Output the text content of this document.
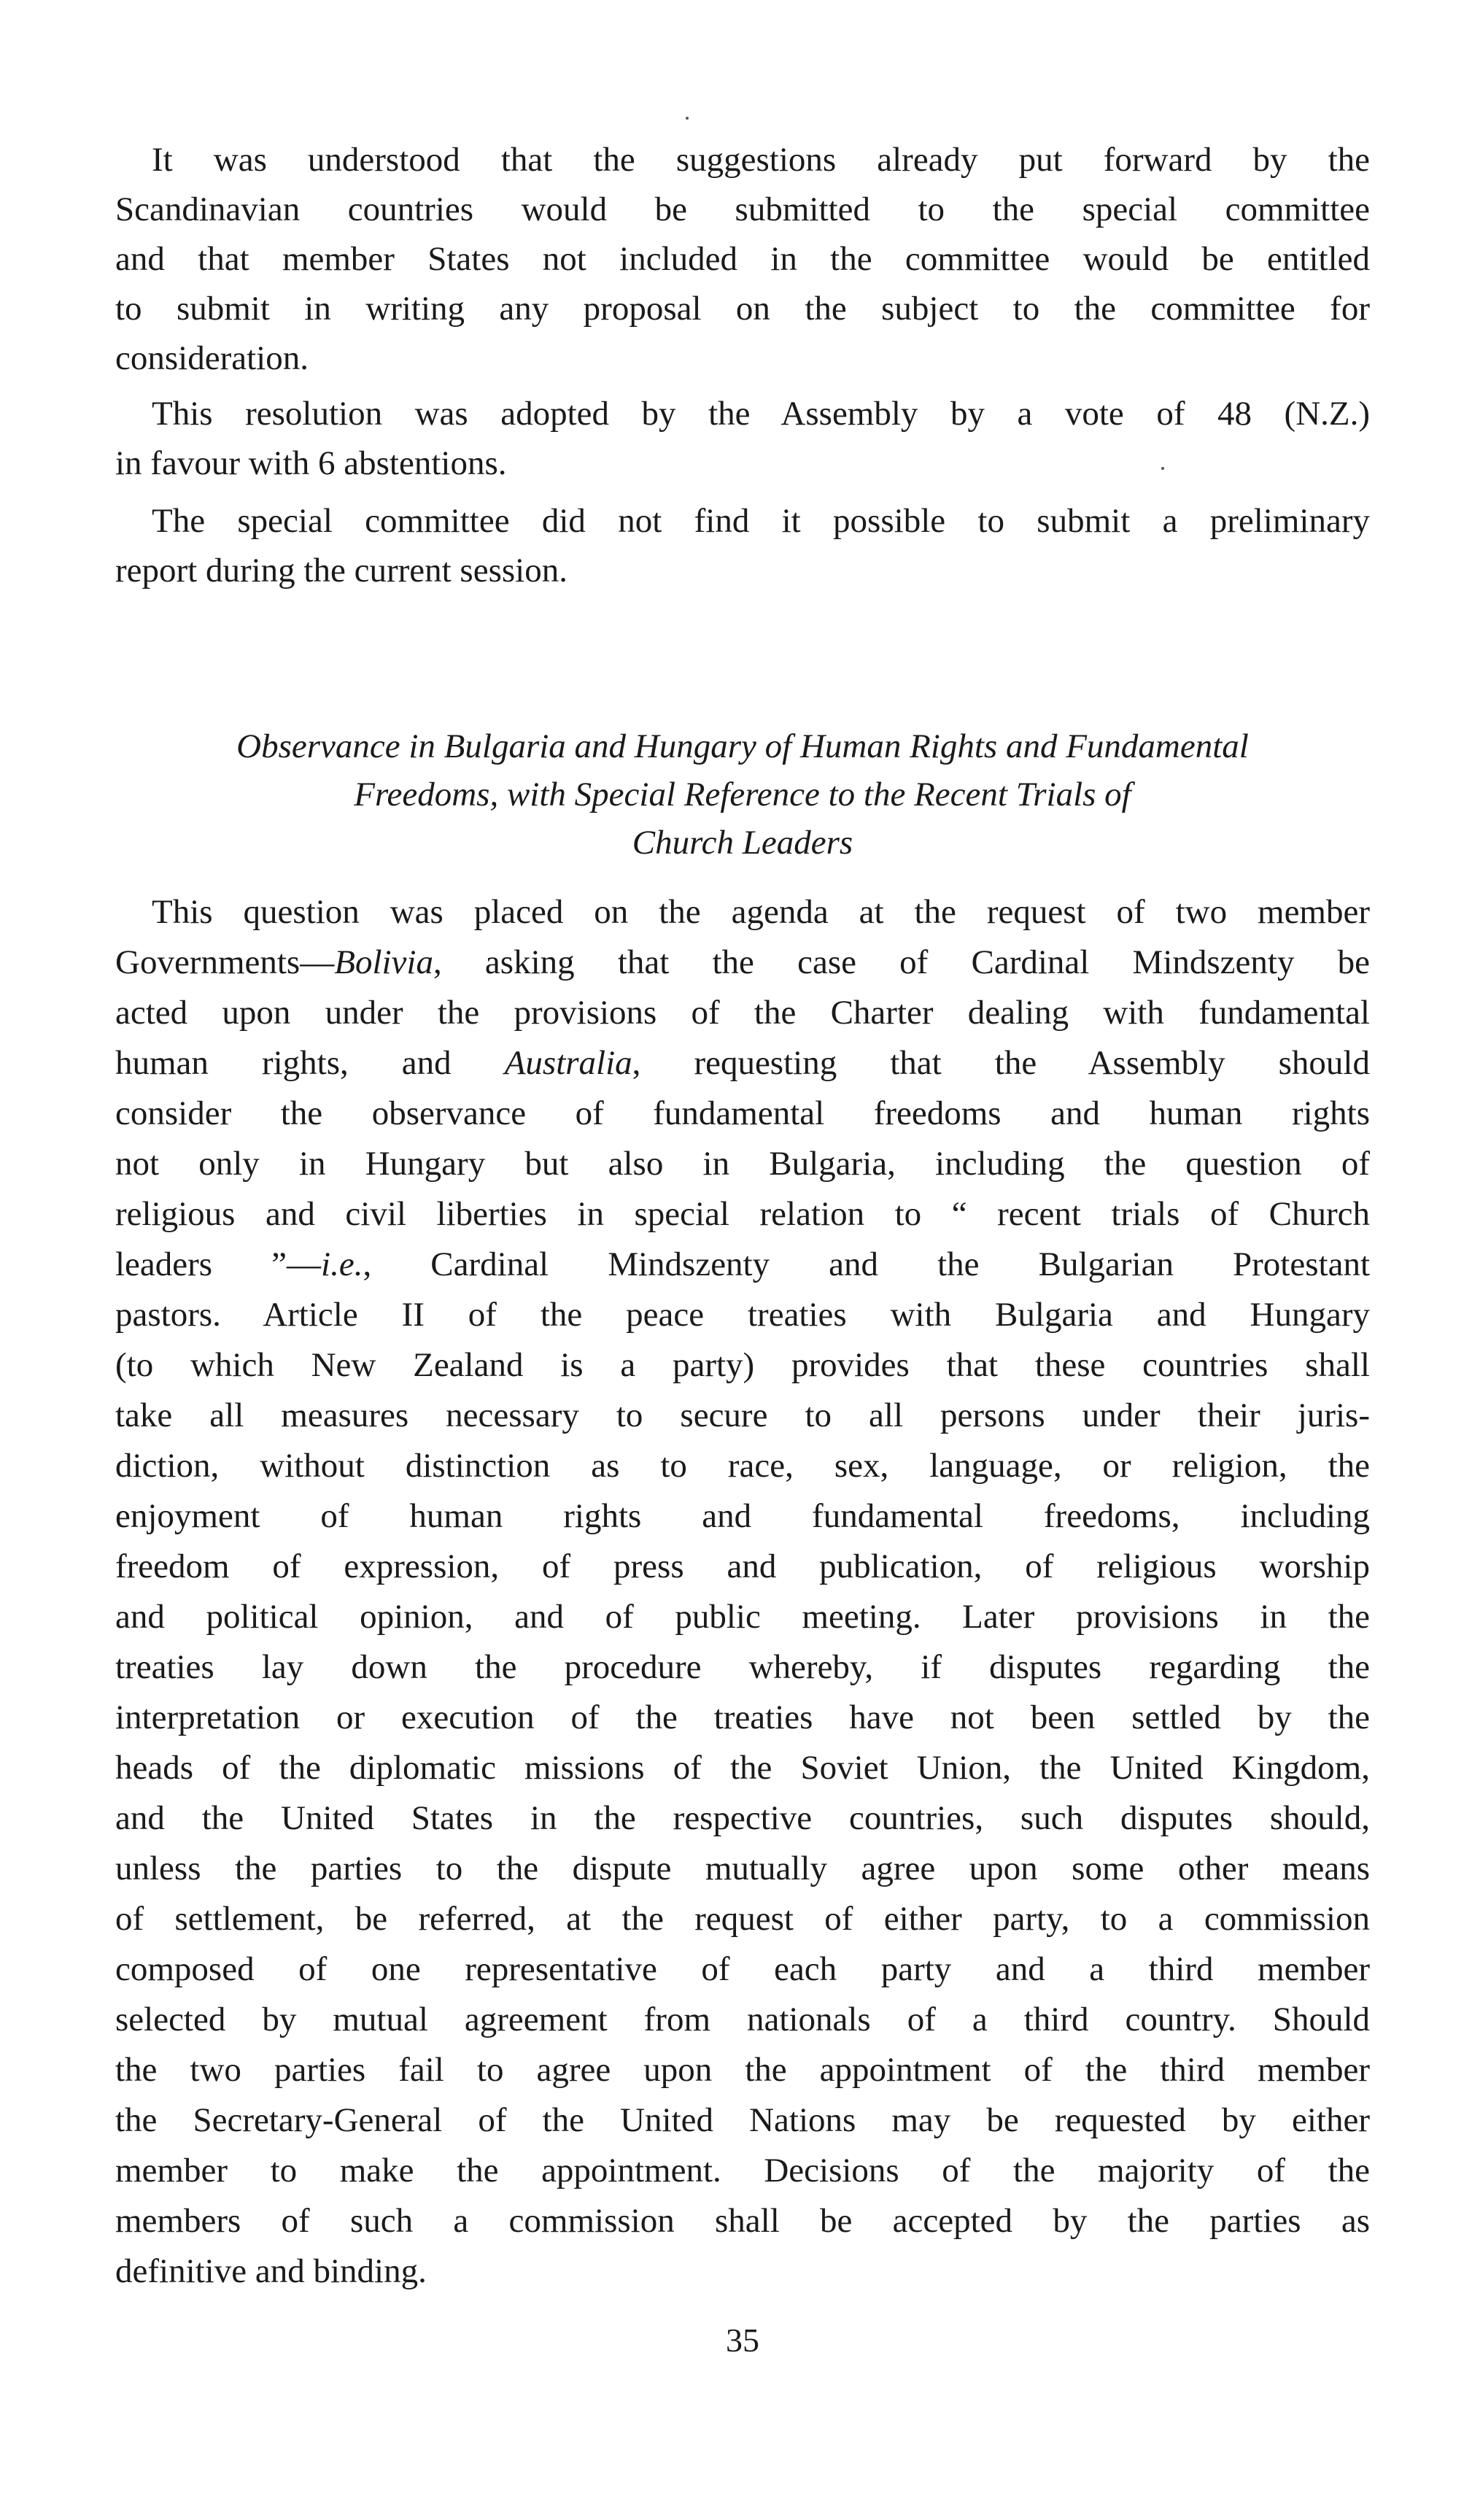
It was understood that the suggestions already put forward by the
Scandinavian countries would be submitted to the special committee
and that member States not included in the committee would be entitled
to submit in writing any proposal on the subject to the committee for
consideration.
This resolution was adopted by the Assembly by a vote of 48 (N.Z.)
in favour with 6 abstentions.
The special committee did not find it possible to submit a preliminary
report during the current session.
Observance in Bulgaria and Hungary of Human Rights and Fundamental
Freedoms, with Special Reference to the Recent Trials of
Church Leaders
This question was placed on the agenda at the request of two member
Governments—Bolivia, asking that the case of Cardinal Mindszenty be
acted upon under the provisions of the Charter dealing with fundamental
human rights, and Australia, requesting that the Assembly should
consider the observance of fundamental freedoms and human rights
not only in Hungary but also in Bulgaria, including the question of
religious and civil liberties in special relation to “ recent trials of Church
leaders ”—i.e., Cardinal Mindszenty and the Bulgarian Protestant
pastors. Article II of the peace treaties with Bulgaria and Hungary
(to which New Zealand is a party) provides that these countries shall
take all measures necessary to secure to all persons under their juris-
diction, without distinction as to race, sex, language, or religion, the
enjoyment of human rights and fundamental freedoms, including
freedom of expression, of press and publication, of religious worship
and political opinion, and of public meeting. Later provisions in the
treaties lay down the procedure whereby, if disputes regarding the
interpretation or execution of the treaties have not been settled by the
heads of the diplomatic missions of the Soviet Union, the United Kingdom,
and the United States in the respective countries, such disputes should,
unless the parties to the dispute mutually agree upon some other means
of settlement, be referred, at the request of either party, to a commission
composed of one representative of each party and a third member
selected by mutual agreement from nationals of a third country. Should
the two parties fail to agree upon the appointment of the third member
the Secretary-General of the United Nations may be requested by either
member to make the appointment. Decisions of the majority of the
members of such a commission shall be accepted by the parties as
definitive and binding.
35
